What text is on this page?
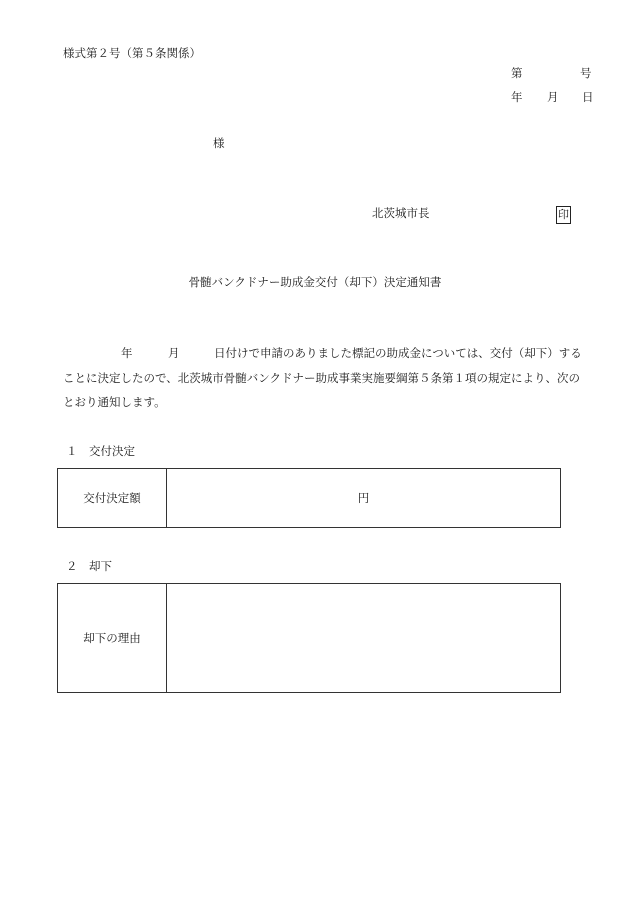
様式第２号（第５条関係）
第	号
年 月 日
様
北茨城市長	印
骨髄バンクドナー助成金交付（却下）決定通知書
年	月	日付けで申請のありました標記の助成金については、交付（却下）する
ことに決定したので、北茨城市骨髄バンクドナー助成事業実施要綱第５条第１項の規定により、次の
とおり通知します。
１　交付決定
交付決定額	円
２　却下
却下の理由
